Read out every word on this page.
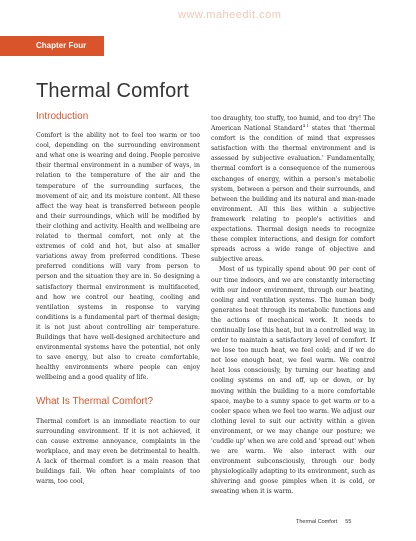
www.maheedit.com
Chapter Four
Thermal Comfort
Introduction

Comfort is the ability not to feel too warm or too cool, depending on the surrounding environment and what one is wearing and doing. People perceive their thermal environment in a number of ways, in relation to the temperature of the air and the temperature of the surrounding surfaces, the movement of air, and its moisture content. All these affect the way heat is transferred between people and their surroundings, which will be modified by their clothing and activity. Health and wellbeing are related to thermal comfort, not only at the extremes of cold and hot, but also at smaller variations away from preferred conditions. These preferred conditions will vary from person to person and the situation they are in. So designing a satisfactory thermal environment is multifaceted, and how we control our heating, cooling and ventilation systems in response to varying conditions is a fundamental part of thermal design; it is not just about controlling air temperature. Buildings that have well-designed architecture and environmental systems have the potential, not only to save energy, but also to create comfortable, healthy environments where people can enjoy wellbeing and a good quality of life.

What Is Thermal Comfort?

Thermal comfort is an immediate reaction to our surrounding environment. If it is not achieved, it can cause extreme annoyance, complaints in the workplace, and may even be detrimental to health. A lack of thermal comfort is a main reason that buildings fail. We often hear complaints of too warm, too cool,

too draughty, too stuffy, too humid, and too dry! The American National Standard$^{4.1}$ states that 'thermal comfort is the condition of mind that expresses satisfaction with the thermal environment and is assessed by subjective evaluation.' Fundamentally, thermal comfort is a consequence of the numerous exchanges of energy, within a person's metabolic system, between a person and their surrounds, and between the building and its natural and man-made environment. All this lies within a subjective framework relating to people's activities and expectations. Thermal design needs to recognize these complex interactions, and design for comfort spreads across a wide range of objective and subjective areas.

Most of us typically spend about 90 per cent of our time indoors, and we are constantly interacting with our indoor environment, through our heating, cooling and ventilation systems. The human body generates heat through its metabolic functions and the actions of mechanical work. It needs to continually lose this heat, but in a controlled way, in order to maintain a satisfactory level of comfort. If we lose too much heat, we feel cold; and if we do not lose enough heat, we feel warm. We control heat loss consciously, by turning our heating and cooling systems on and off, up or down, or by moving within the building to a more comfortable space, maybe to a sunny space to get warm or to a cooler space when we feel too warm. We adjust our clothing level to suit our activity within a given environment, or we may change our posture; we 'cuddle up' when we are cold and 'spread out' when we are warm. We also interact with our environment subconsciously, through our body physiologically adapting to its environment, such as shivering and goose pimples when it is cold, or sweating when it is warm.

Thermal Comfort 55
